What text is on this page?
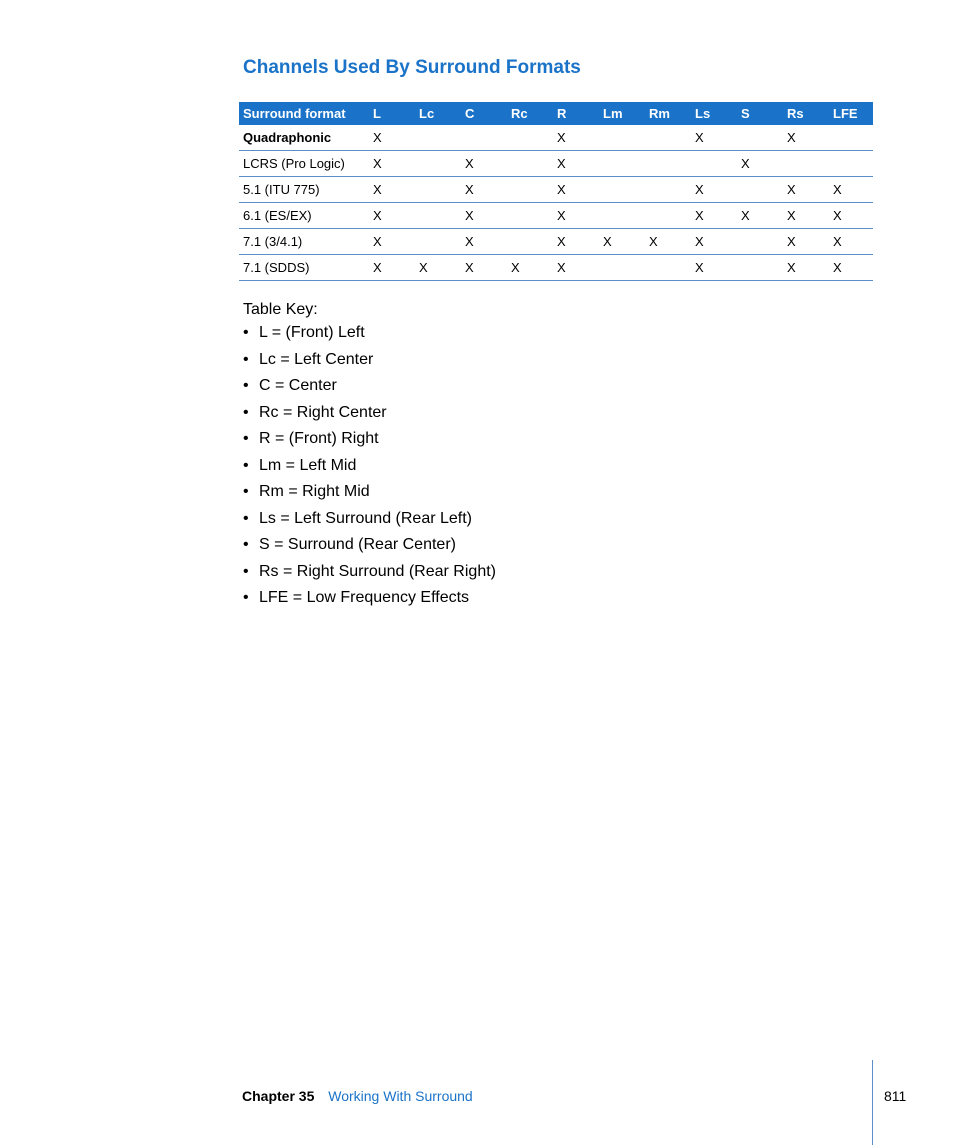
Channels Used By Surround Formats
Surround format	L	Lc	C	Rc	R	Lm	Rm	Ls	S	Rs	LFE
Quadraphonic	X				X			X		X	
LCRS (Pro Logic)	X		X		X				X		
5.1 (ITU 775)	X		X		X			X		X	X
6.1 (ES/EX)	X		X		X			X	X	X	X
7.1 (3/4.1)	X		X		X	X	X	X		X	X
7.1 (SDDS)	X	X	X	X	X			X		X	X

Table Key:

• L = (Front) Left
• Lc = Left Center
• C = Center
• Rc = Right Center
• R = (Front) Right
• Lm = Left Mid
• Rm = Right Mid
• Ls = Left Surround (Rear Left)
• S = Surround (Rear Center)
• Rs = Right Surround (Rear Right)
• LFE = Low Frequency Effects
Chapter 35 Working With Surround	811
